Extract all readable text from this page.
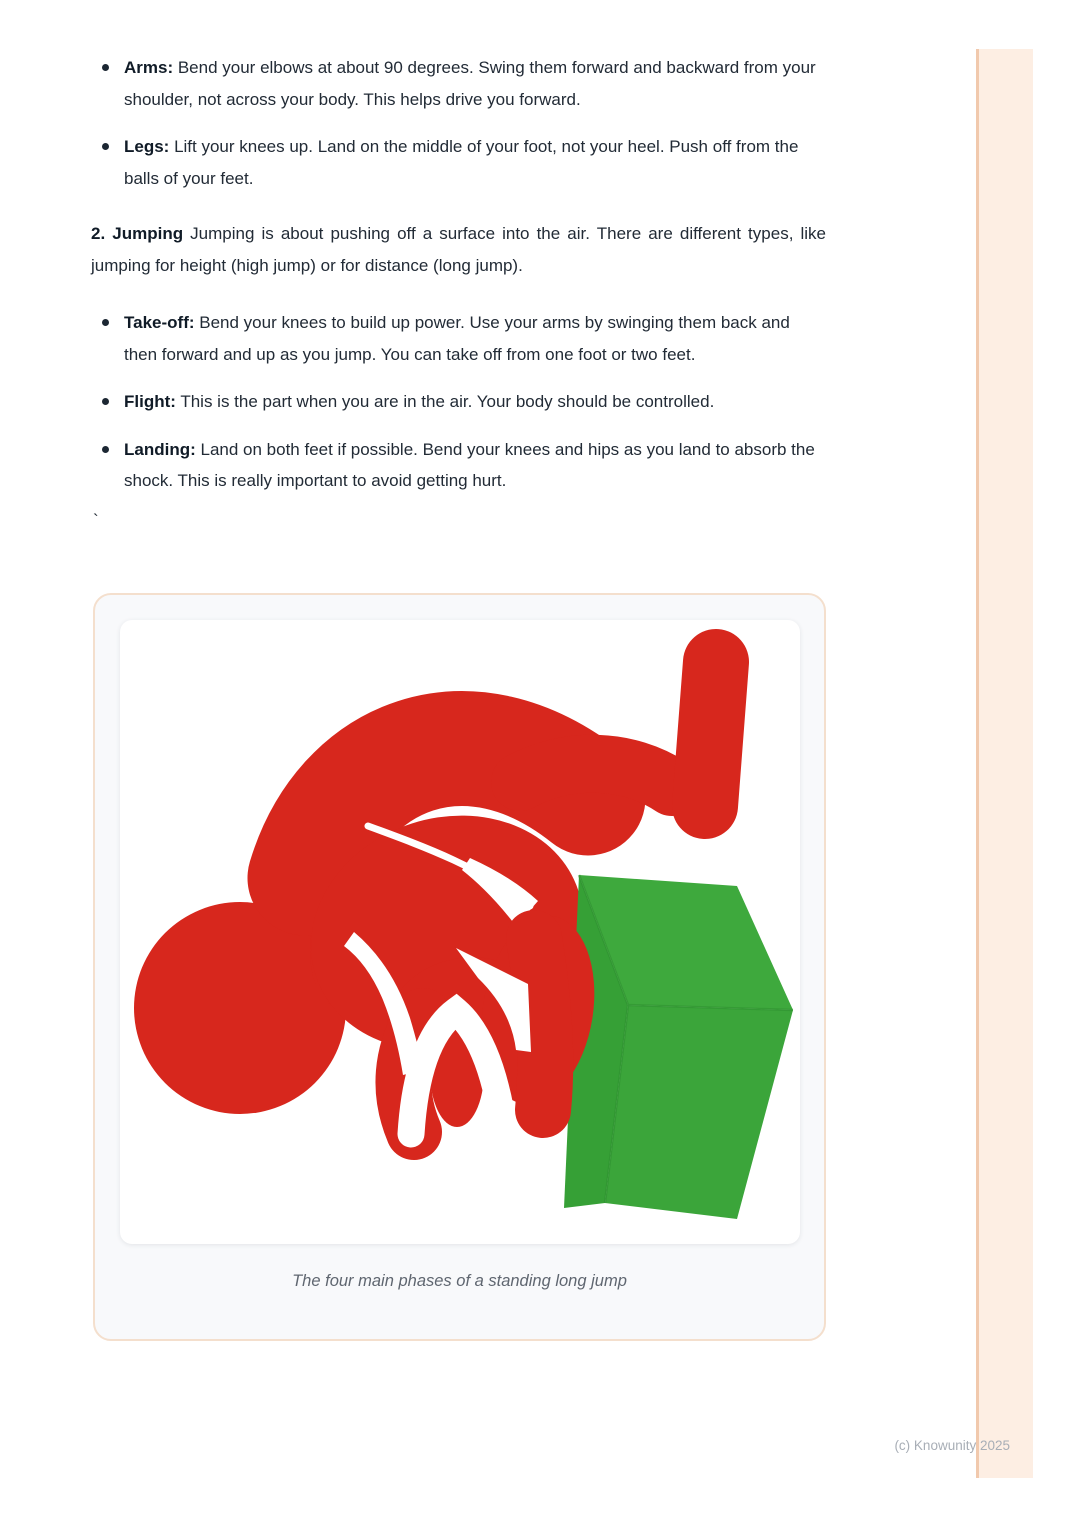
Arms: Bend your elbows at about 90 degrees. Swing them forward and backward from your shoulder, not across your body. This helps drive you forward.
Legs: Lift your knees up. Land on the middle of your foot, not your heel. Push off from the balls of your feet.

2. Jumping Jumping is about pushing off a surface into the air. There are different types, like jumping for height (high jump) or for distance (long jump).

Take-off: Bend your knees to build up power. Use your arms by swinging them back and then forward and up as you jump. You can take off from one foot or two feet.
Flight: This is the part when you are in the air. Your body should be controlled.
Landing: Land on both feet if possible. Bend your knees and hips as you land to absorb the shock. This is really important to avoid getting hurt.

`

The four main phases of a standing long jump
(c) Knowunity 2025
